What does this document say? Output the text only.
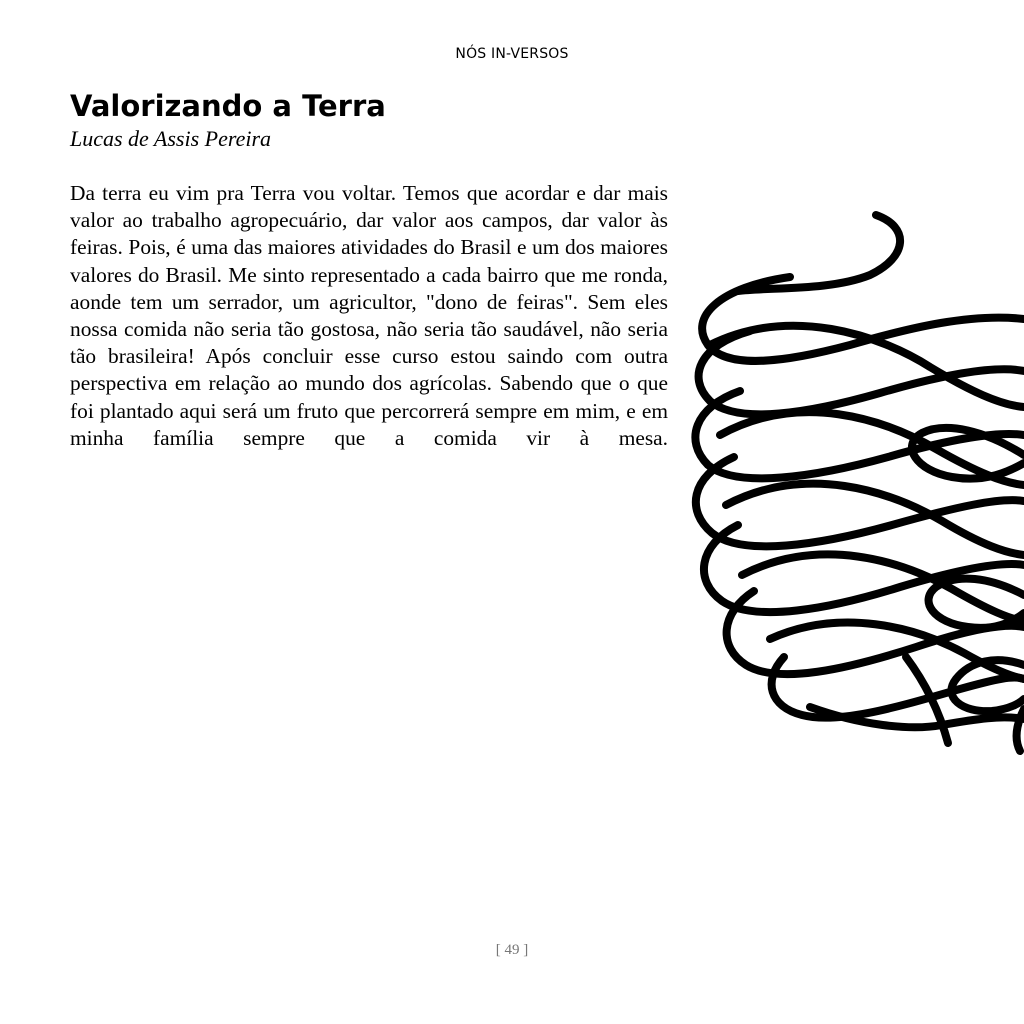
NÓS IN-VERSOS
Valorizando a Terra
Lucas de Assis Pereira

Da terra eu vim pra Terra vou voltar. Temos que acordar e dar mais valor ao trabalho agropecuário, dar valor aos campos, dar valor às feiras. Pois, é uma das maiores atividades do Brasil e um dos maiores valores do Brasil. Me sinto representado a cada bairro que me ronda, aonde tem um serrador, um agricultor, "dono de feiras". Sem eles nossa comida não seria tão gostosa, não seria tão saudável, não seria tão brasileira! Após concluir esse curso estou saindo com outra perspectiva em relação ao mundo dos agrícolas. Sabendo que o que foi plantado aqui será um fruto que percorrerá sempre em mim, e em minha família sempre que a comida vir à mesa.

[ 49 ]
